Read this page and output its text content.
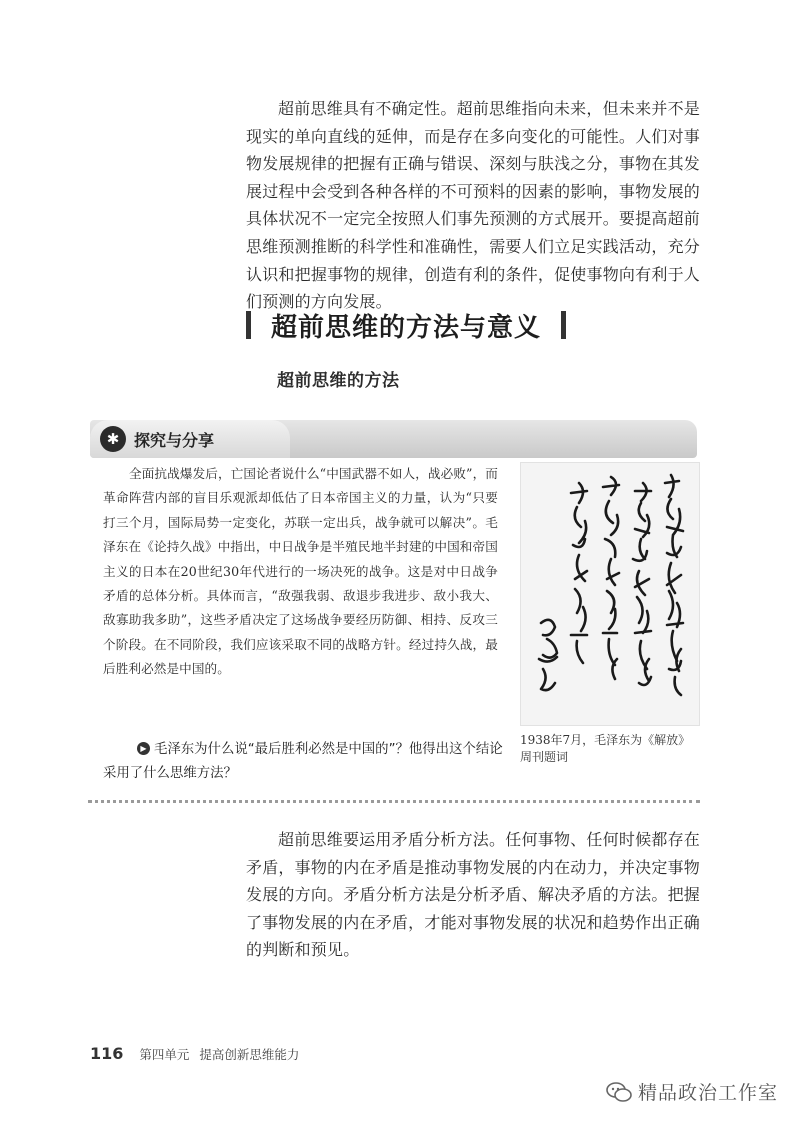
超前思维具有不确定性。超前思维指向未来，但未来并不是现实的单向直线的延伸，而是存在多向变化的可能性。人们对事物发展规律的把握有正确与错误、深刻与肤浅之分，事物在其发展过程中会受到各种各样的不可预料的因素的影响，事物发展的具体状况不一定完全按照人们事先预测的方式展开。要提高超前思维预测推断的科学性和准确性，需要人们立足实践活动，充分认识和把握事物的规律，创造有利的条件，促使事物向有利于人们预测的方向发展。

超前思维的方法与意义
超前思维的方法
✱ 探究与分享

全面抗战爆发后，亡国论者说什么“中国武器不如人，战必败”，而革命阵营内部的盲目乐观派却低估了日本帝国主义的力量，认为“只要打三个月，国际局势一定变化，苏联一定出兵，战争就可以解决”。毛泽东在《论持久战》中指出，中日战争是半殖民地半封建的中国和帝国主义的日本在20世纪30年代进行的一场决死的战争。这是对中日战争矛盾的总体分析。具体而言，“敌强我弱、敌退步我进步、敌小我大、敌寡助我多助”，这些矛盾决定了这场战争要经历防御、相持、反攻三个阶段。在不同阶段，我们应该采取不同的战略方针。经过持久战，最后胜利必然是中国的。

▶ 毛泽东为什么说“最后胜利必然是中国的”？他得出这个结论采用了什么思维方法？

1938年7月，毛泽东为《解放》周刊题词

超前思维要运用矛盾分析方法。任何事物、任何时候都存在矛盾，事物的内在矛盾是推动事物发展的内在动力，并决定事物发展的方向。矛盾分析方法是分析矛盾、解决矛盾的方法。把握了事物发展的内在矛盾，才能对事物发展的状况和趋势作出正确的判断和预见。

116 第四单元 提高创新思维能力
精品政治工作室
